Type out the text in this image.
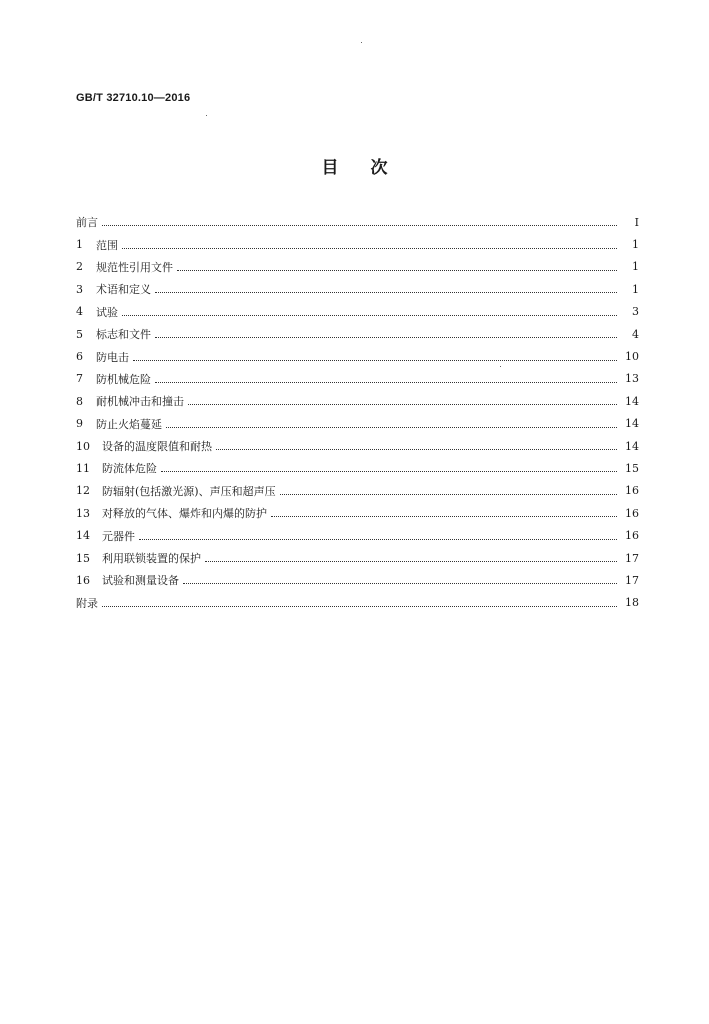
GB/T 32710.10—2016
目次
前言	Ⅰ
1	范围	1
2	规范性引用文件	1
3	术语和定义	1
4	试验	3
5	标志和文件	4
6	防电击	10
7	防机械危险	13
8	耐机械冲击和撞击	14
9	防止火焰蔓延	14
10	设备的温度限值和耐热	14
11	防流体危险	15
12	防辐射(包括激光源)、声压和超声压	16
13	对释放的气体、爆炸和内爆的防护	16
14	元器件	16
15	利用联锁装置的保护	17
16	试验和测量设备	17
附录	18
